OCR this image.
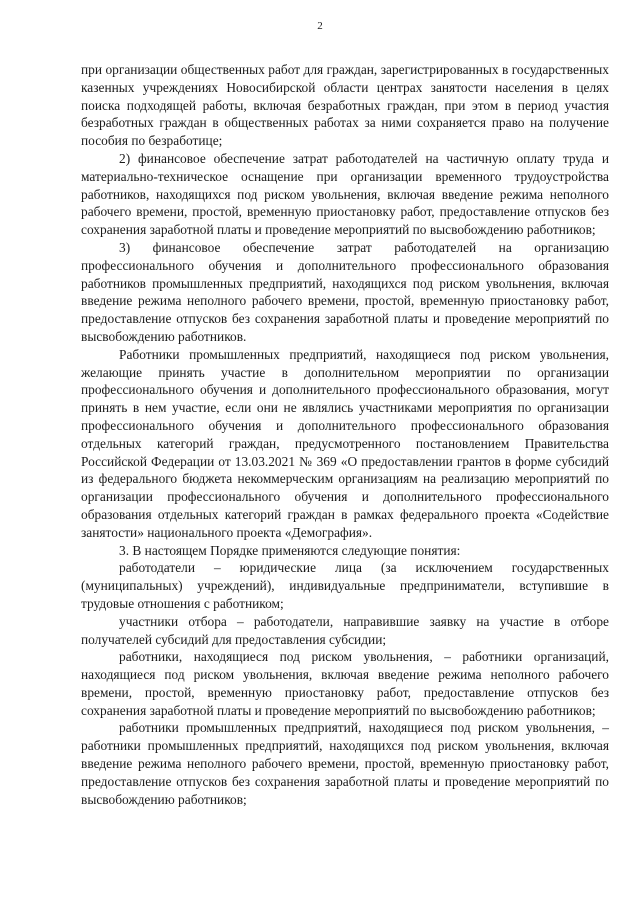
2

при организации общественных работ для граждан, зарегистрированных в государственных казенных учреждениях Новосибирской области центрах занятости населения в целях поиска подходящей работы, включая безработных граждан, при этом в период участия безработных граждан в общественных работах за ними сохраняется право на получение пособия по безработице;

2) финансовое обеспечение затрат работодателей на частичную оплату труда и материально-техническое оснащение при организации временного трудоустройства работников, находящихся под риском увольнения, включая введение режима неполного рабочего времени, простой, временную приостановку работ, предоставление отпусков без сохранения заработной платы и проведение мероприятий по высвобождению работников;

3) финансовое обеспечение затрат работодателей на организацию профессионального обучения и дополнительного профессионального образования работников промышленных предприятий, находящихся под риском увольнения, включая введение режима неполного рабочего времени, простой, временную приостановку работ, предоставление отпусков без сохранения заработной платы и проведение мероприятий по высвобождению работников.

Работники промышленных предприятий, находящиеся под риском увольнения, желающие принять участие в дополнительном мероприятии по организации профессионального обучения и дополнительного профессионального образования, могут принять в нем участие, если они не являлись участниками мероприятия по организации профессионального обучения и дополнительного профессионального образования отдельных категорий граждан, предусмотренного постановлением Правительства Российской Федерации от 13.03.2021 № 369 «О предоставлении грантов в форме субсидий из федерального бюджета некоммерческим организациям на реализацию мероприятий по организации профессионального обучения и дополнительного профессионального образования отдельных категорий граждан в рамках федерального проекта «Содействие занятости» национального проекта «Демография».

3. В настоящем Порядке применяются следующие понятия:

работодатели – юридические лица (за исключением государственных (муниципальных) учреждений), индивидуальные предприниматели, вступившие в трудовые отношения с работником;

участники отбора – работодатели, направившие заявку на участие в отборе получателей субсидий для предоставления субсидии;

работники, находящиеся под риском увольнения, – работники организаций, находящиеся под риском увольнения, включая введение режима неполного рабочего времени, простой, временную приостановку работ, предоставление отпусков без сохранения заработной платы и проведение мероприятий по высвобождению работников;

работники промышленных предприятий, находящиеся под риском увольнения, – работники промышленных предприятий, находящихся под риском увольнения, включая введение режима неполного рабочего времени, простой, временную приостановку работ, предоставление отпусков без сохранения заработной платы и проведение мероприятий по высвобождению работников;
